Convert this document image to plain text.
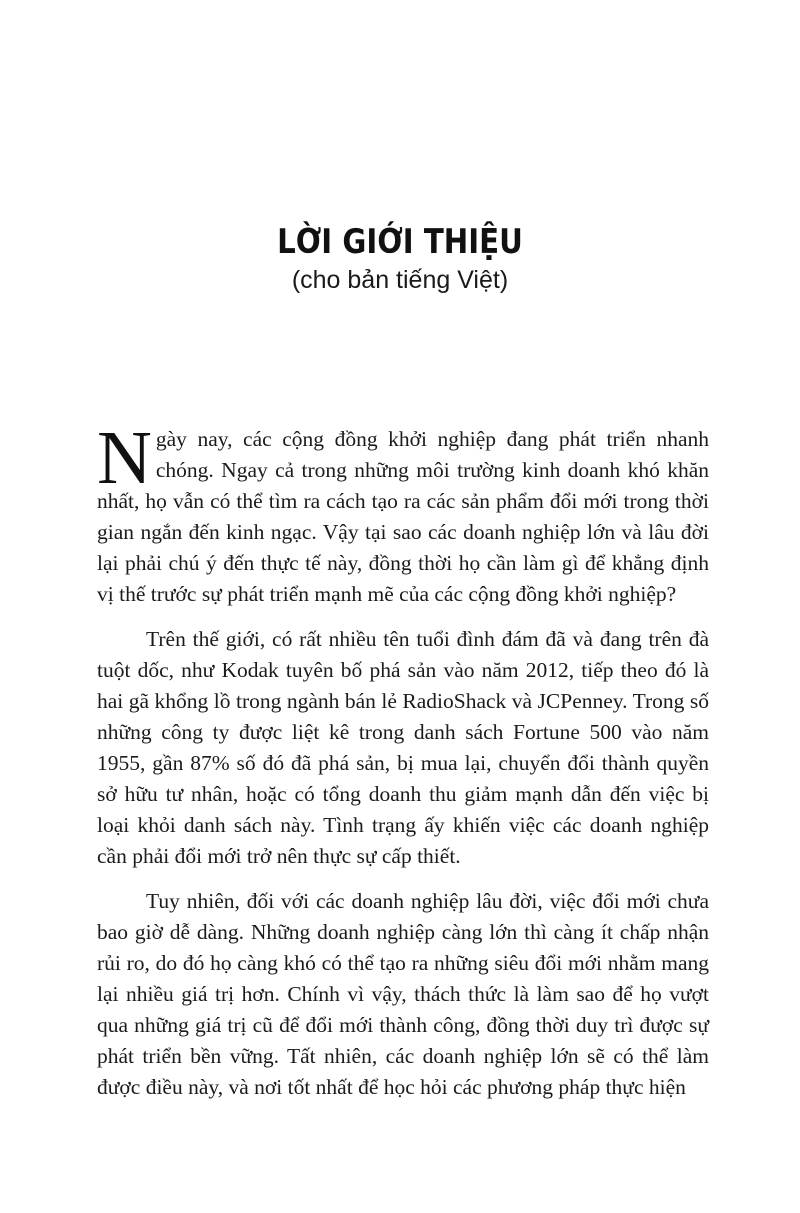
LỜI GIỚI THIỆU
(cho bản tiếng Việt)

Ngày nay, các cộng đồng khởi nghiệp đang phát triển nhanh chóng. Ngay cả trong những môi trường kinh doanh khó khăn nhất, họ vẫn có thể tìm ra cách tạo ra các sản phẩm đổi mới trong thời gian ngắn đến kinh ngạc. Vậy tại sao các doanh nghiệp lớn và lâu đời lại phải chú ý đến thực tế này, đồng thời họ cần làm gì để khẳng định vị thế trước sự phát triển mạnh mẽ của các cộng đồng khởi nghiệp?

Trên thế giới, có rất nhiều tên tuổi đình đám đã và đang trên đà tuột dốc, như Kodak tuyên bố phá sản vào năm 2012, tiếp theo đó là hai gã khổng lồ trong ngành bán lẻ RadioShack và JCPenney. Trong số những công ty được liệt kê trong danh sách Fortune 500 vào năm 1955, gần 87% số đó đã phá sản, bị mua lại, chuyển đổi thành quyền sở hữu tư nhân, hoặc có tổng doanh thu giảm mạnh dẫn đến việc bị loại khỏi danh sách này. Tình trạng ấy khiến việc các doanh nghiệp cần phải đổi mới trở nên thực sự cấp thiết.

Tuy nhiên, đối với các doanh nghiệp lâu đời, việc đổi mới chưa bao giờ dễ dàng. Những doanh nghiệp càng lớn thì càng ít chấp nhận rủi ro, do đó họ càng khó có thể tạo ra những siêu đổi mới nhằm mang lại nhiều giá trị hơn. Chính vì vậy, thách thức là làm sao để họ vượt qua những giá trị cũ để đổi mới thành công, đồng thời duy trì được sự phát triển bền vững. Tất nhiên, các doanh nghiệp lớn sẽ có thể làm được điều này, và nơi tốt nhất để học hỏi các phương pháp thực hiện
